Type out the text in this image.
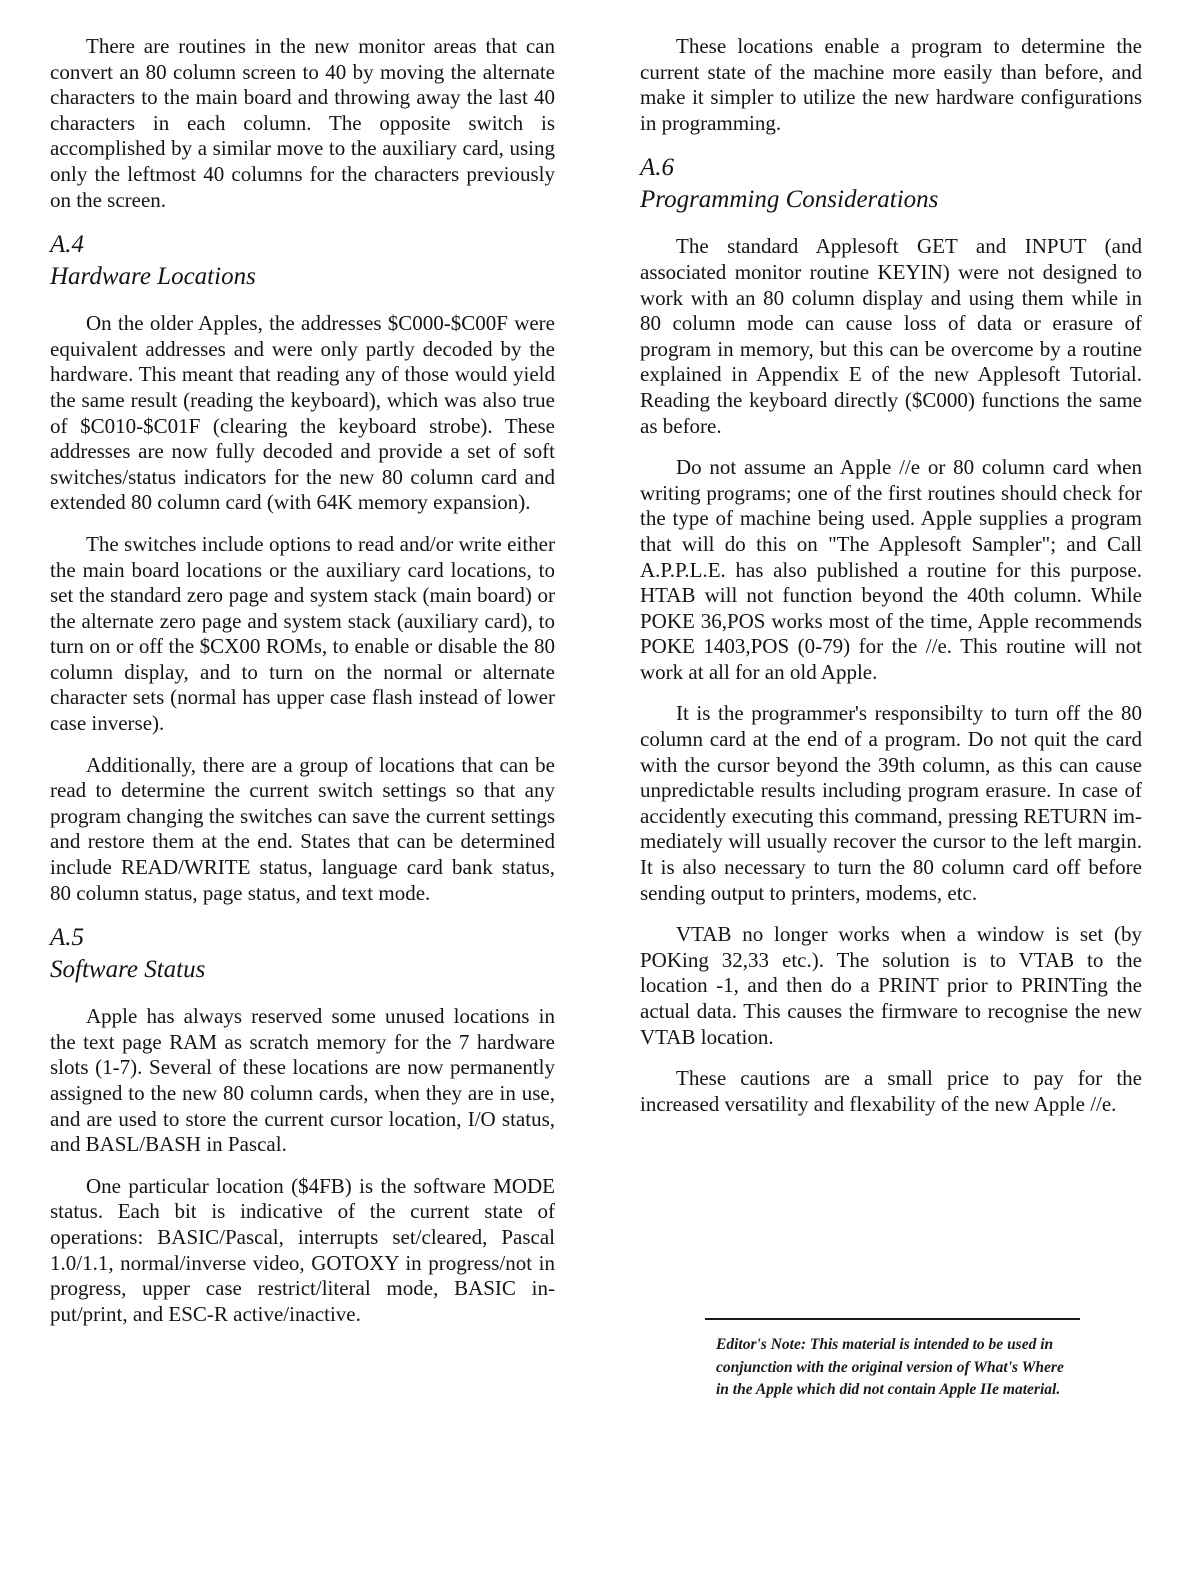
There are routines in the new monitor areas that can convert an 80 column screen to 40 by moving the alternate characters to the main board and throwing away the last 40 characters in each column. The opposite switch is accomplished by a similar move to the auxiliary card, using only the leftmost 40 columns for the characters previously on the screen.

A.4
Hardware Locations

On the older Apples, the addresses $C000-$C00F were equivalent addresses and were only partly decoded by the hardware. This meant that reading any of those would yield the same result (reading the keyboard), which was also true of $C010-$C01F (clearing the keyboard strobe). These addresses are now fully decoded and provide a set of soft switches/status indicators for the new 80 column card and extended 80 column card (with 64K memory expansion).

The switches include options to read and/or write either the main board locations or the auxiliary card locations, to set the standard zero page and system stack (main board) or the alternate zero page and system stack (auxiliary card), to turn on or off the $CX00 ROMs, to enable or disable the 80 column display, and to turn on the normal or alternate character sets (normal has upper case flash instead of lower case inverse).

Additionally, there are a group of locations that can be read to determine the current switch settings so that any program changing the switches can save the current settings and restore them at the end. States that can be determined include READ/WRITE status, language card bank status, 80 column status, page status, and text mode.

A.5
Software Status

Apple has always reserved some unused locations in the text page RAM as scratch memory for the 7 hardware slots (1-7). Several of these locations are now permanently assigned to the new 80 column cards, when they are in use, and are used to store the current cursor location, I/O status, and BASL/BASH in Pascal.

One particular location ($4FB) is the software MODE status. Each bit is indicative of the current state of operations: BASIC/Pascal, interrupts set/cleared, Pascal 1.0/1.1, normal/inverse video, GOTOXY in progress/not in progress, upper case restrict/literal mode, BASIC input/print, and ESC-R active/inactive.

These locations enable a program to determine the current state of the machine more easily than before, and make it simpler to utilize the new hardware configurations in programming.

A.6
Programming Considerations

The standard Applesoft GET and INPUT (and associated monitor routine KEYIN) were not designed to work with an 80 column display and using them while in 80 column mode can cause loss of data or erasure of program in memory, but this can be overcome by a routine explained in Appendix E of the new Applesoft Tutorial. Reading the keyboard directly ($C000) functions the same as before.

Do not assume an Apple //e or 80 column card when writing programs; one of the first routines should check for the type of machine being used. Apple supplies a program that will do this on "The Applesoft Sampler"; and Call A.P.P.L.E. has also published a routine for this purpose. HTAB will not function beyond the 40th column. While POKE 36,POS works most of the time, Apple recommends POKE 1403,POS (0-79) for the //e. This routine will not work at all for an old Apple.

It is the programmer's responsibilty to turn off the 80 column card at the end of a program. Do not quit the card with the cursor beyond the 39th column, as this can cause unpredictable results including program erasure. In case of accidently executing this command, pressing RETURN immediately will usually recover the cursor to the left margin. It is also necessary to turn the 80 column card off before sending output to printers, modems, etc.

VTAB no longer works when a window is set (by POKing 32,33 etc.). The solution is to VTAB to the location -1, and then do a PRINT prior to PRINTing the actual data. This causes the firmware to recognise the new VTAB location.

These cautions are a small price to pay for the increased versatility and flexability of the new Apple //e.

Editor's Note: This material is intended to be used in conjunction with the original version of What's Where in the Apple which did not contain Apple IIe material.
